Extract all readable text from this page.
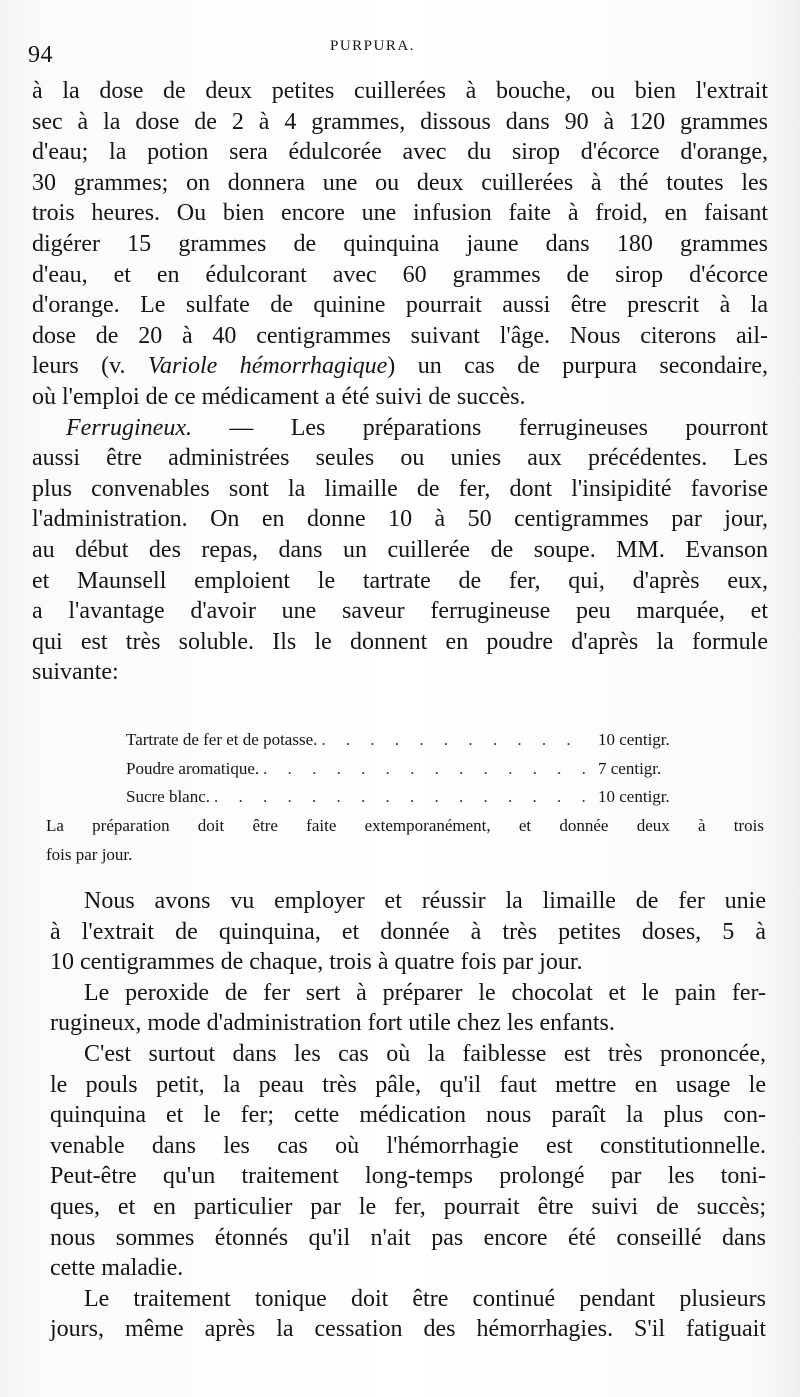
94	PURPURA.
à la dose de deux petites cuillerées à bouche, ou bien l'extrait
sec à la dose de 2 à 4 grammes, dissous dans 90 à 120 grammes
d'eau; la potion sera édulcorée avec du sirop d'écorce d'orange,
30 grammes; on donnera une ou deux cuillerées à thé toutes les
trois heures. Ou bien encore une infusion faite à froid, en faisant
digérer 15 grammes de quinquina jaune dans 180 grammes
d'eau, et en édulcorant avec 60 grammes de sirop d'écorce
d'orange. Le sulfate de quinine pourrait aussi être prescrit à la
dose de 20 à 40 centigrammes suivant l'âge. Nous citerons ail-
leurs (v. Variole hémorrhagique) un cas de purpura secondaire,
où l'emploi de ce médicament a été suivi de succès.
Ferrugineux. — Les préparations ferrugineuses pourront
aussi être administrées seules ou unies aux précédentes. Les
plus convenables sont la limaille de fer, dont l'insipidité favorise
l'administration. On en donne 10 à 50 centigrammes par jour,
au début des repas, dans un cuillerée de soupe. MM. Evanson
et Maunsell emploient le tartrate de fer, qui, d'après eux,
a l'avantage d'avoir une saveur ferrugineuse peu marquée, et
qui est très soluble. Ils le donnent en poudre d'après la formule
suivante:
Tartrate de fer et de potasse. . . .	10 centigr.
Poudre aromatique. . . .	7 centigr.
Sucre blanc. . . .	10 centigr.
La préparation doit être faite extemporanément, et donnée deux à trois
fois par jour.
Nous avons vu employer et réussir la limaille de fer unie
à l'extrait de quinquina, et donnée à très petites doses, 5 à
10 centigrammes de chaque, trois à quatre fois par jour.
Le peroxide de fer sert à préparer le chocolat et le pain fer-
rugineux, mode d'administration fort utile chez les enfants.
C'est surtout dans les cas où la faiblesse est très prononcée,
le pouls petit, la peau très pâle, qu'il faut mettre en usage le
quinquina et le fer; cette médication nous paraît la plus con-
venable dans les cas où l'hémorrhagie est constitutionnelle.
Peut-être qu'un traitement long-temps prolongé par les toni-
ques, et en particulier par le fer, pourrait être suivi de succès;
nous sommes étonnés qu'il n'ait pas encore été conseillé dans
cette maladie.
Le traitement tonique doit être continué pendant plusieurs
jours, même après la cessation des hémorrhagies. S'il fatiguait
